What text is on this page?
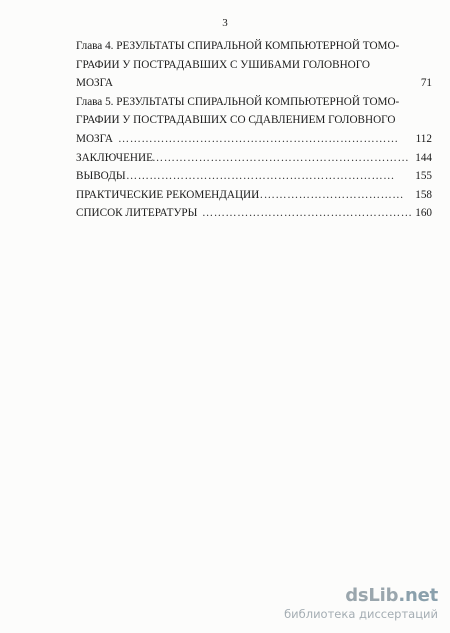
3
Глава 4. РЕЗУЛЬТАТЫ СПИРАЛЬНОЙ КОМПЬЮТЕРНОЙ ТОМО-
ГРАФИИ У ПОСТРАДАВШИХ С УШИБАМИ ГОЛОВНОГО
МОЗГА	71
Глава 5. РЕЗУЛЬТАТЫ СПИРАЛЬНОЙ КОМПЬЮТЕРНОЙ ТОМО-
ГРАФИИ У ПОСТРАДАВШИХ СО СДАВЛЕНИЕМ ГОЛОВНОГО
МОЗГА ……………………………………………………………… 112
ЗАКЛЮЧЕНИЕ ………………………………………………………… 144
ВЫВОДЫ …………………………………………………………… 155
ПРАКТИЧЕСКИЕ РЕКОМЕНДАЦИИ
………………………………… 158
СПИСОК ЛИТЕРАТУРЫ ……………………………………………… 160
dsLib.net
библиотека диссертаций
